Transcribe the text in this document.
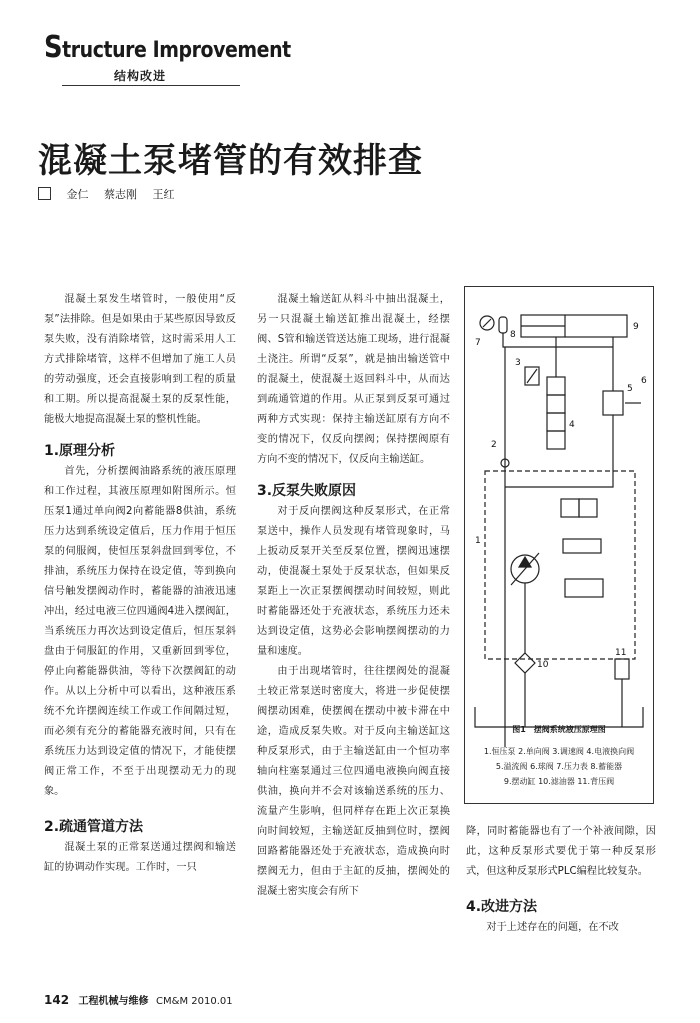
Structure Improvement
结构改进
混凝土泵堵管的有效排查
金仁 蔡志刚 王红

混凝土泵发生堵管时，一般使用“反泵”法排除。但是如果由于某些原因导致反泵失败，没有消除堵管，这时需采用人工方式排除堵管，这样不但增加了施工人员的劳动强度，还会直接影响到工程的质量和工期。所以提高混凝土泵的反泵性能，能极大地提高混凝土泵的整机性能。

1.原理分析

首先，分析摆阀油路系统的液压原理和工作过程，其液压原理如附图所示。恒压泵1通过单向阀2向蓄能器8供油，系统压力达到系统设定值后，压力作用于恒压泵的伺服阀，使恒压泵斜盘回到零位，不排油，系统压力保持在设定值，等到换向信号触发摆阀动作时，蓄能器的油液迅速冲出，经过电液三位四通阀4进入摆阀缸，当系统压力再次达到设定值后，恒压泵斜盘由于伺服缸的作用，又重新回到零位，停止向蓄能器供油，等待下次摆阀缸的动作。从以上分析中可以看出，这种液压系统不允许摆阀连续工作或工作间隔过短，而必须有充分的蓄能器充液时间，只有在系统压力达到设定值的情况下，才能使摆阀正常工作，不至于出现摆动无力的现象。

2.疏通管道方法

混凝土泵的正常泵送通过摆阀和输送缸的协调动作实现。工作时，一只

混凝土输送缸从料斗中抽出混凝土，另一只混凝土输送缸推出混凝土，经摆阀、S管和输送管送达施工现场，进行混凝土浇注。所谓“反泵”，就是抽出输送管中的混凝土，使混凝土返回料斗中，从而达到疏通管道的作用。从正泵到反泵可通过两种方式实现：保持主输送缸原有方向不变的情况下，仅反向摆阀；保持摆阀原有方向不变的情况下，仅反向主输送缸。

3.反泵失败原因

对于反向摆阀这种反泵形式，在正常泵送中，操作人员发现有堵管现象时，马上扳动反泵开关至反泵位置，摆阀迅速摆动，使混凝土泵处于反泵状态，但如果反泵距上一次正泵摆阀摆动时间较短，则此时蓄能器还处于充液状态，系统压力还未达到设定值，这势必会影响摆阀摆动的力量和速度。

由于出现堵管时，往往摆阀处的混凝土较正常泵送时密度大，将进一步促使摆阀摆动困难，使摆阀在摆动中被卡滞在中途，造成反泵失败。对于反向主输送缸这种反泵形式，由于主输送缸由一个恒功率轴向柱塞泵通过三位四通电液换向阀直接供油，换向并不会对该输送系统的压力、流量产生影响，但同样存在距上次正泵换向时间较短，主输送缸反抽到位时，摆阀回路蓄能器还处于充液状态，造成换向时摆阀无力，但由于主缸的反抽，摆阀处的混凝土密实度会有所下

7
8
9
3
4
5
6
2
1
10
11
图1　摆阀系统液压原理图
1.恒压泵 2.单向阀 3.调速阀 4.电液换向阀
5.溢流阀 6.球阀 7.压力表 8.蓄能器
9.摆动缸 10.滤油器 11.背压阀

降，同时蓄能器也有了一个补液间隙，因此，这种反泵形式要优于第一种反泵形式，但这种反泵形式PLC编程比较复杂。

4.改进方法

对于上述存在的问题，在不改

142 工程机械与维修 CM&M 2010.01
